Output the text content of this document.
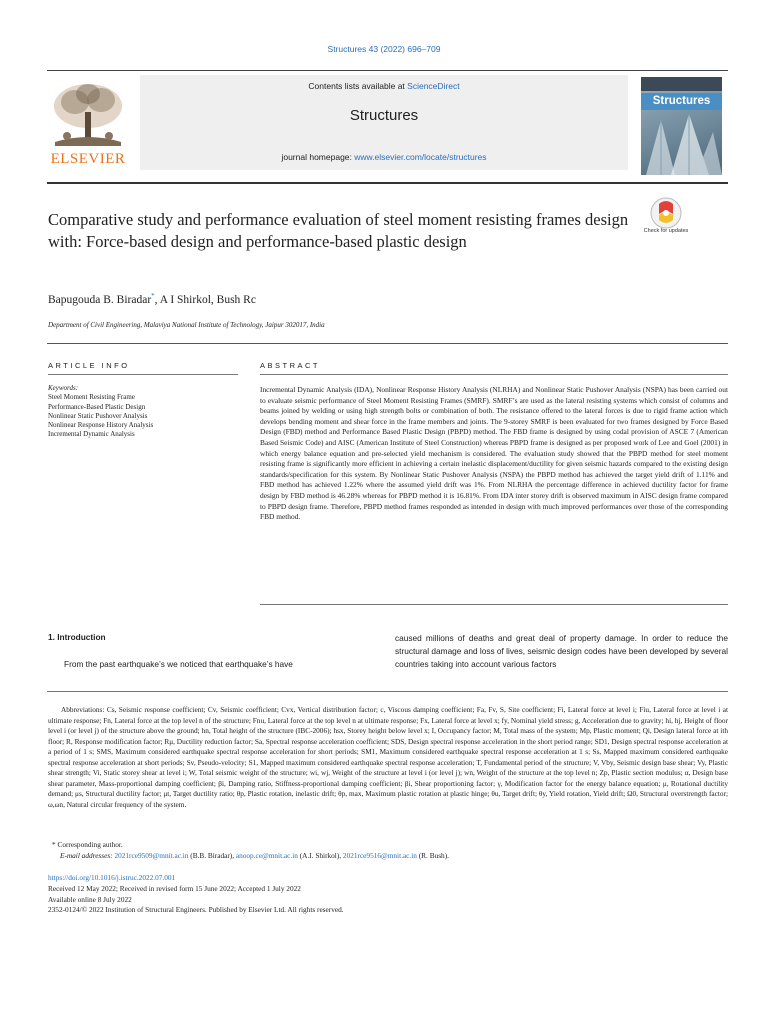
Structures 43 (2022) 696–709
ELSEVIER
Contents lists available at ScienceDirect
Structures
journal homepage: www.elsevier.com/locate/structures
Structures
Comparative study and performance evaluation of steel moment resisting frames design with: Force-based design and performance-based plastic design
Check for updates
Bapugouda B. Biradar*, A I Shirkol, Bush Rc
Department of Civil Engineering, Malaviya National Institute of Technology, Jaipur 302017, India
ARTICLE INFO	ABSTRACT
Keywords:
Steel Moment Resisting Frame
Performance-Based Plastic Design
Nonlinear Static Pushover Analysis
Nonlinear Response History Analysis
Incremental Dynamic Analysis
Incremental Dynamic Analysis (IDA), Nonlinear Response History Analysis (NLRHA) and Nonlinear Static Pushover Analysis (NSPA) has been carried out to evaluate seismic performance of Steel Moment Resisting Frames (SMRF). SMRF’s are used as the lateral resisting systems which consist of columns and beams joined by welding or using high strength bolts or combination of both. The resistance offered to the lateral forces is due to rigid frame action which develops bending moment and shear force in the frame members and joints. The 9-storey SMRF is been evaluated for two frames designed by Force Based Design (FBD) method and Performance Based Plastic Design (PBPD) method. The FBD frame is designed by using codal provision of ASCE 7 (American Based Seismic Code) and AISC (American Institute of Steel Construction) whereas PBPD frame is designed as per proposed work of Lee and Goel (2001) in which energy balance equation and pre-selected yield mechanism is considered. The evaluation study showed that the PBPD method for steel moment resisting frame is significantly more efficient in achieving a certain inelastic displacement/ductility for given seismic hazards compared to the existing design standards/specification for this system. By Nonlinear Static Pushover Analysis (NSPA) the PBPD method has achieved the target yield drift of 1.11% and FBD method has achieved 1.22% where the assumed yield drift was 1%. From NLRHA the percentage difference in achieved ductility factor for frame design by FBD method is 46.28% whereas for PBPD method it is 16.81%. From IDA inter storey drift is observed maximum in AISC design frame compared to PBPD design frame. Therefore, PBPD method frames responded as intended in design with much improved performances over those of the corresponding FBD method.
1. Introduction
From the past earthquake’s we noticed that earthquake’s have
caused millions of deaths and great deal of property damage. In order to reduce the structural damage and loss of lives, seismic design codes have been developed by several countries taking into account various factors
Abbreviations: Cs, Seismic response coefficient; Cv, Seismic coefficient; Cvx, Vertical distribution factor; c, Viscous damping coefficient; Fa, Fv, S, Site coefficient; Fi, Lateral force at level i; Fiu, Lateral force at level i at ultimate response; Fn, Lateral force at the top level n of the structure; Fnu, Lateral force at the top level n at ultimate response; Fx, Lateral force at level x; fy, Nominal yield stress; g, Acceleration due to gravity; hi, hj, Height of floor level i (or level j) of the structure above the ground; hn, Total height of the structure (IBC-2006); hsx, Storey height below level x; I, Occupancy factor; M, Total mass of the system; Mp, Plastic moment; Qi, Design lateral force at ith floor; R, Response modification factor; Rμ, Ductility reduction factor; Sa, Spectral response acceleration coefficient; SDS, Design spectral response acceleration in the short period range; SD1, Design spectral response acceleration at a period of 1 s; SMS, Maximum considered earthquake spectral response acceleration for short periods; SM1, Maximum considered earthquake spectral response acceleration at 1 s; Ss, Mapped maximum considered earthquake spectral response acceleration at short periods; Sv, Pseudo-velocity; S1, Mapped maximum considered earthquake spectral response acceleration; T, Fundamental period of the structure; V, Vby, Seismic design base shear; Vy, Plastic shear strength; Vi, Static storey shear at level i; W, Total seismic weight of the structure; wi, wj, Weight of the structure at level i (or level j); wn, Weight of the structure at the top level n; Zp, Plastic section modulus; α, Design base shear parameter, Mass-proportional damping coefficient; βi, Damping ratio, Stiffness-proportional damping coefficient; βi, Shear proportioning factor; γ, Modification factor for the energy balance equation; μ, Rotational ductility demand; μs, Structural ductility factor; μt, Target ductility ratio; θp, Plastic rotation, inelastic drift; θp, max, Maximum plastic rotation at plastic hinge; θu, Target drift; θy, Yield rotation, Yield drift; Ω0, Structural overstrength factor; ω,ωn, Natural circular frequency of the system.
* Corresponding author.
E-mail addresses: 2021rce9509@mnit.ac.in (B.B. Biradar), anoop.ce@mnit.ac.in (A.I. Shirkol), 2021rce9516@mnit.ac.in (R. Bush).
https://doi.org/10.1016/j.istruc.2022.07.001
Received 12 May 2022; Received in revised form 15 June 2022; Accepted 1 July 2022
Available online 8 July 2022
2352-0124/© 2022 Institution of Structural Engineers. Published by Elsevier Ltd. All rights reserved.
